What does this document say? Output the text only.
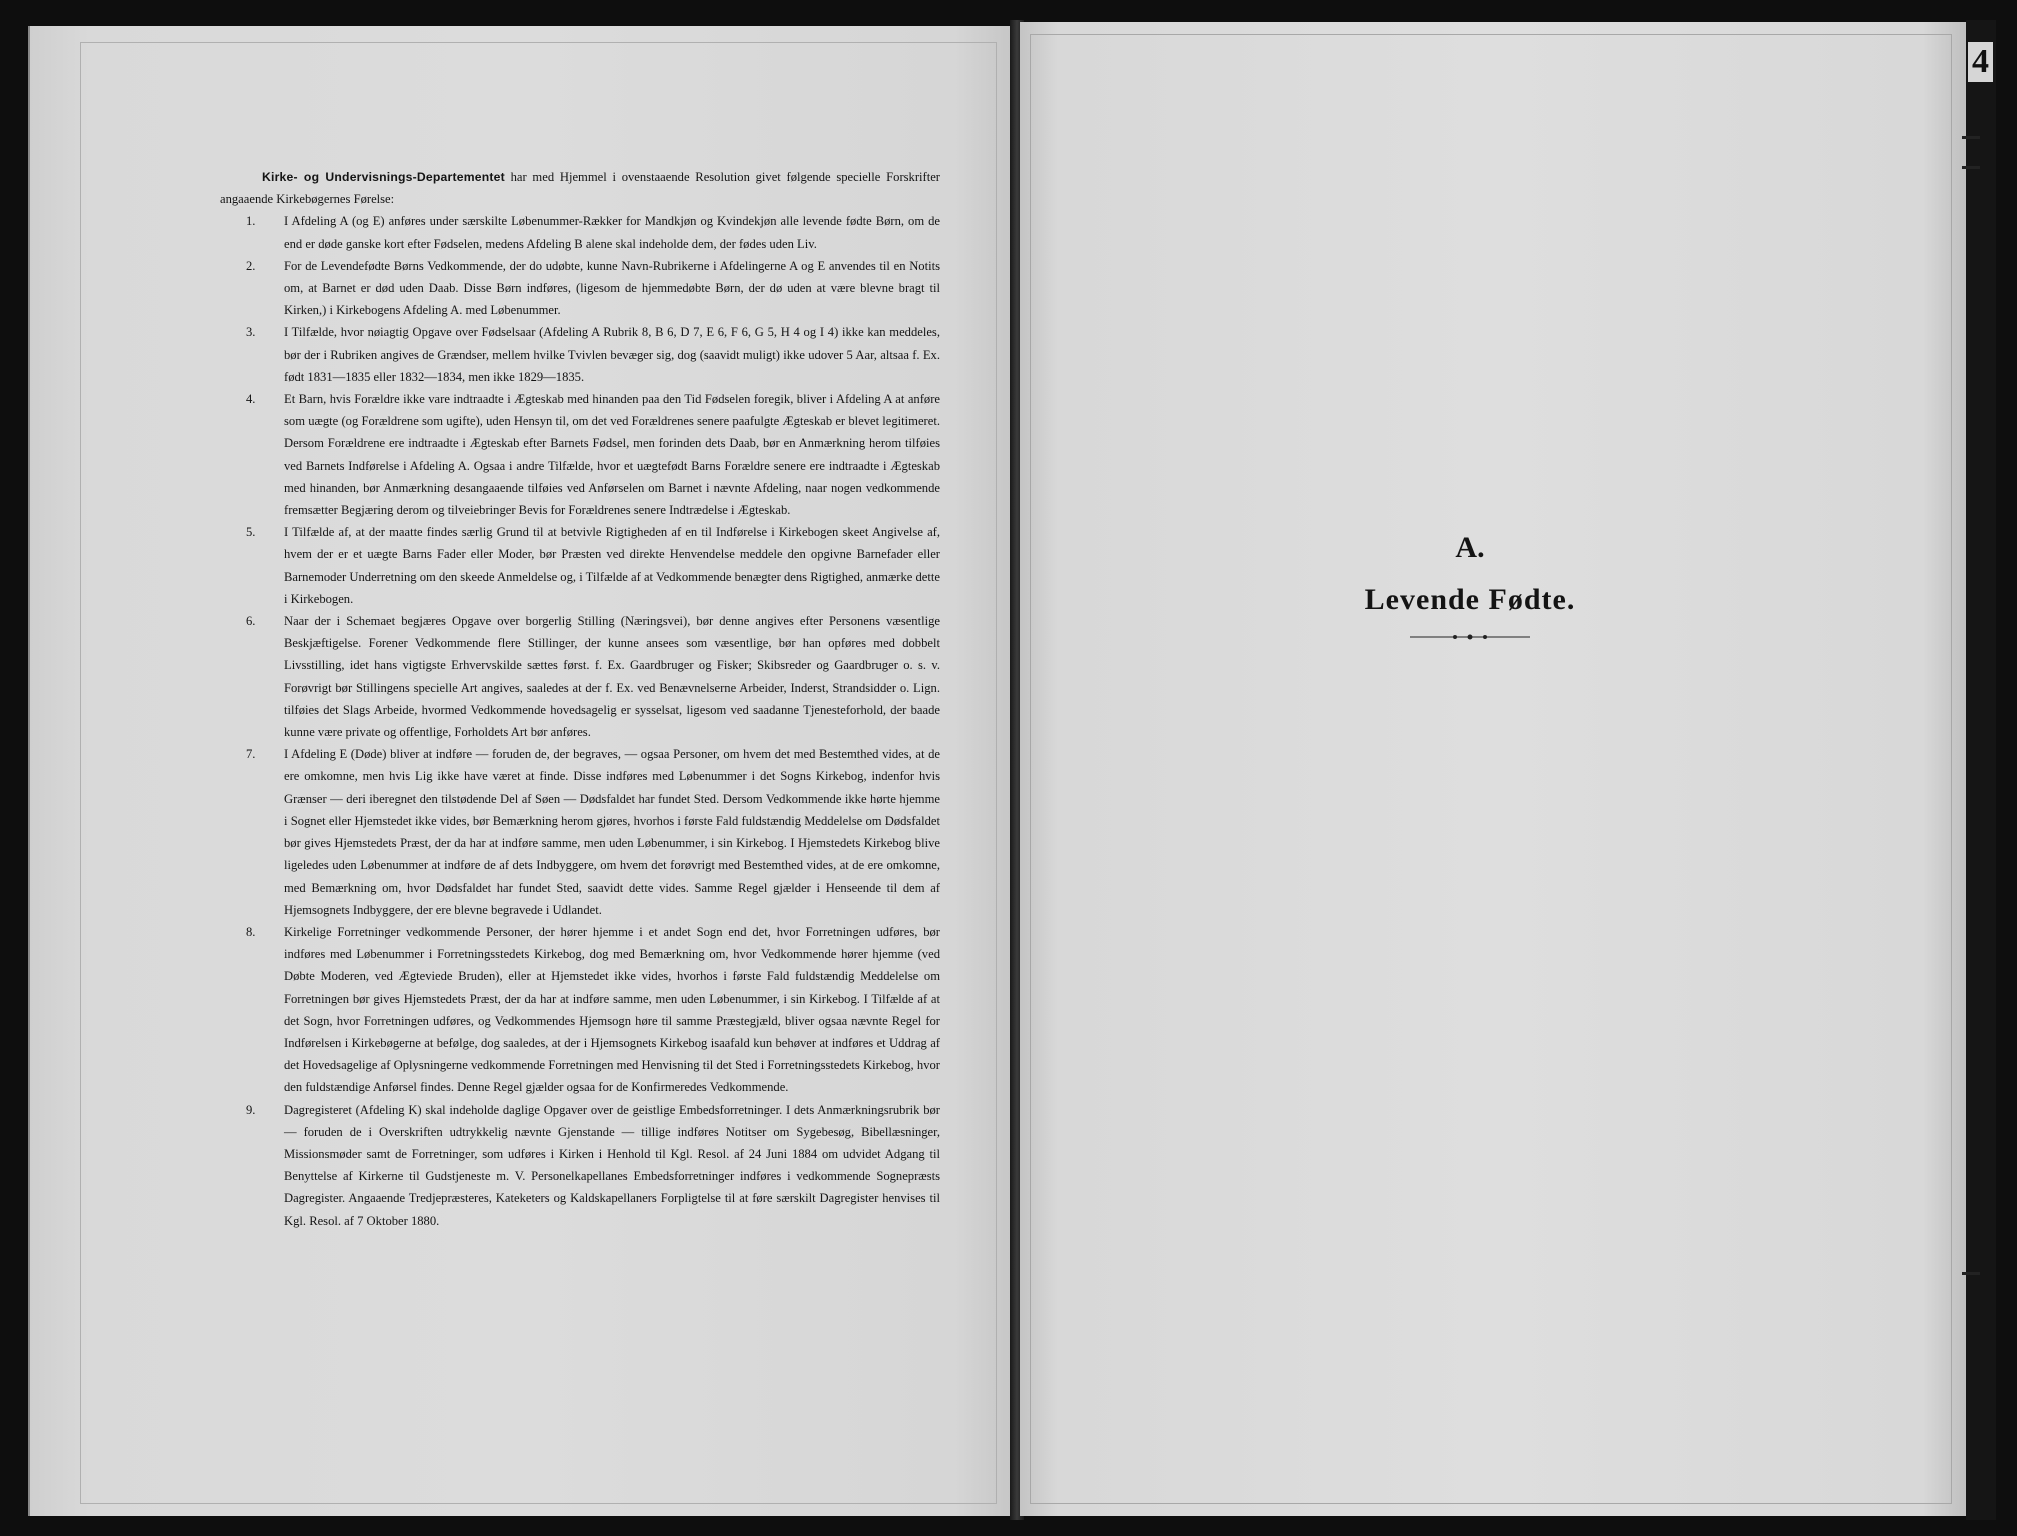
Kirke- og Undervisnings-Departementet har med Hjemmel i ovenstaaende Resolution givet følgende specielle Forskrifter angaaende Kirkebøgernes Førelse:

1.	I Afdeling A (og E) anføres under særskilte Løbenummer-Rækker for Mandkjøn og Kvindekjøn alle levende fødte Børn, om de end er døde ganske kort efter Fødselen, medens Afdeling B alene skal indeholde dem, der fødes uden Liv.
2.	For de Levendefødte Børns Vedkommende, der do udøbte, kunne Navn-Rubrikerne i Afdelingerne A og E anvendes til en Notits om, at Barnet er død uden Daab. Disse Børn indføres, (ligesom de hjemmedøbte Børn, der dø uden at være blevne bragt til Kirken,) i Kirkebogens Afdeling A. med Løbenummer.
3.	I Tilfælde, hvor nøiagtig Opgave over Fødselsaar (Afdeling A Rubrik 8, B 6, D 7, E 6, F 6, G 5, H 4 og I 4) ikke kan meddeles, bør der i Rubriken angives de Grændser, mellem hvilke Tvivlen bevæger sig, dog (saavidt muligt) ikke udover 5 Aar, altsaa f. Ex. født 1831—1835 eller 1832—1834, men ikke 1829—1835.
4.	Et Barn, hvis Forældre ikke vare indtraadte i Ægteskab med hinanden paa den Tid Fødselen foregik, bliver i Afdeling A at anføre som uægte (og Forældrene som ugifte), uden Hensyn til, om det ved Forældrenes senere paafulgte Ægteskab er blevet legitimeret. Dersom Forældrene ere indtraadte i Ægteskab efter Barnets Fødsel, men forinden dets Daab, bør en Anmærkning herom tilføies ved Barnets Indførelse i Afdeling A. Ogsaa i andre Tilfælde, hvor et uægtefødt Barns Forældre senere ere indtraadte i Ægteskab med hinanden, bør Anmærkning desangaaende tilføies ved Anførselen om Barnet i nævnte Afdeling, naar nogen vedkommende fremsætter Begjæring derom og tilveiebringer Bevis for Forældrenes senere Indtrædelse i Ægteskab.
5.	I Tilfælde af, at der maatte findes særlig Grund til at betvivle Rigtigheden af en til Indførelse i Kirkebogen skeet Angivelse af, hvem der er et uægte Barns Fader eller Moder, bør Præsten ved direkte Henvendelse meddele den opgivne Barnefader eller Barnemoder Underretning om den skeede Anmeldelse og, i Tilfælde af at Vedkommende benægter dens Rigtighed, anmærke dette i Kirkebogen.
6.	Naar der i Schemaet begjæres Opgave over borgerlig Stilling (Næringsvei), bør denne angives efter Personens væsentlige Beskjæftigelse. Forener Vedkommende flere Stillinger, der kunne ansees som væsentlige, bør han opføres med dobbelt Livsstilling, idet hans vigtigste Erhvervskilde sættes først. f. Ex. Gaardbruger og Fisker; Skibsreder og Gaardbruger o. s. v. Forøvrigt bør Stillingens specielle Art angives, saaledes at der f. Ex. ved Benævnelserne Arbeider, Inderst, Strandsidder o. Lign. tilføies det Slags Arbeide, hvormed Vedkommende hovedsagelig er sysselsat, ligesom ved saadanne Tjenesteforhold, der baade kunne være private og offentlige, Forholdets Art bør anføres.
7.	I Afdeling E (Døde) bliver at indføre — foruden de, der begraves, — ogsaa Personer, om hvem det med Bestemthed vides, at de ere omkomne, men hvis Lig ikke have været at finde. Disse indføres med Løbenummer i det Sogns Kirkebog, indenfor hvis Grænser — deri iberegnet den tilstødende Del af Søen — Dødsfaldet har fundet Sted. Dersom Vedkommende ikke hørte hjemme i Sognet eller Hjemstedet ikke vides, bør Bemærkning herom gjøres, hvorhos i første Fald fuldstændig Meddelelse om Dødsfaldet bør gives Hjemstedets Præst, der da har at indføre samme, men uden Løbenummer, i sin Kirkebog. I Hjemstedets Kirkebog blive ligeledes uden Løbenummer at indføre de af dets Indbyggere, om hvem det forøvrigt med Bestemthed vides, at de ere omkomne, med Bemærkning om, hvor Dødsfaldet har fundet Sted, saavidt dette vides. Samme Regel gjælder i Henseende til dem af Hjemsognets Indbyggere, der ere blevne begravede i Udlandet.
8.	Kirkelige Forretninger vedkommende Personer, der hører hjemme i et andet Sogn end det, hvor Forretningen udføres, bør indføres med Løbenummer i Forretningsstedets Kirkebog, dog med Bemærkning om, hvor Vedkommende hører hjemme (ved Døbte Moderen, ved Ægteviede Bruden), eller at Hjemstedet ikke vides, hvorhos i første Fald fuldstændig Meddelelse om Forretningen bør gives Hjemstedets Præst, der da har at indføre samme, men uden Løbenummer, i sin Kirkebog. I Tilfælde af at det Sogn, hvor Forretningen udføres, og Vedkommendes Hjemsogn høre til samme Præstegjæld, bliver ogsaa nævnte Regel for Indførelsen i Kirkebøgerne at befølge, dog saaledes, at der i Hjemsognets Kirkebog isaafald kun behøver at indføres et Uddrag af det Hovedsagelige af Oplysningerne vedkommende Forretningen med Henvisning til det Sted i Forretningsstedets Kirkebog, hvor den fuldstændige Anførsel findes. Denne Regel gjælder ogsaa for de Konfirmeredes Vedkommende.
9.	Dagregisteret (Afdeling K) skal indeholde daglige Opgaver over de geistlige Embedsforretninger. I dets Anmærkningsrubrik bør — foruden de i Overskriften udtrykkelig nævnte Gjenstande — tillige indføres Notitser om Sygebesøg, Bibellæsninger, Missionsmøder samt de Forretninger, som udføres i Kirken i Henhold til Kgl. Resol. af 24 Juni 1884 om udvidet Adgang til Benyttelse af Kirkerne til Gudstjeneste m. V. Personelkapellanes Embedsforretninger indføres i vedkommende Sognepræsts Dagregister. Angaaende Tredjepræsteres, Kateketers og Kaldskapellaners Forpligtelse til at føre særskilt Dagregister henvises til Kgl. Resol. af 7 Oktober 1880.
A.
Levende Fødte.
4
